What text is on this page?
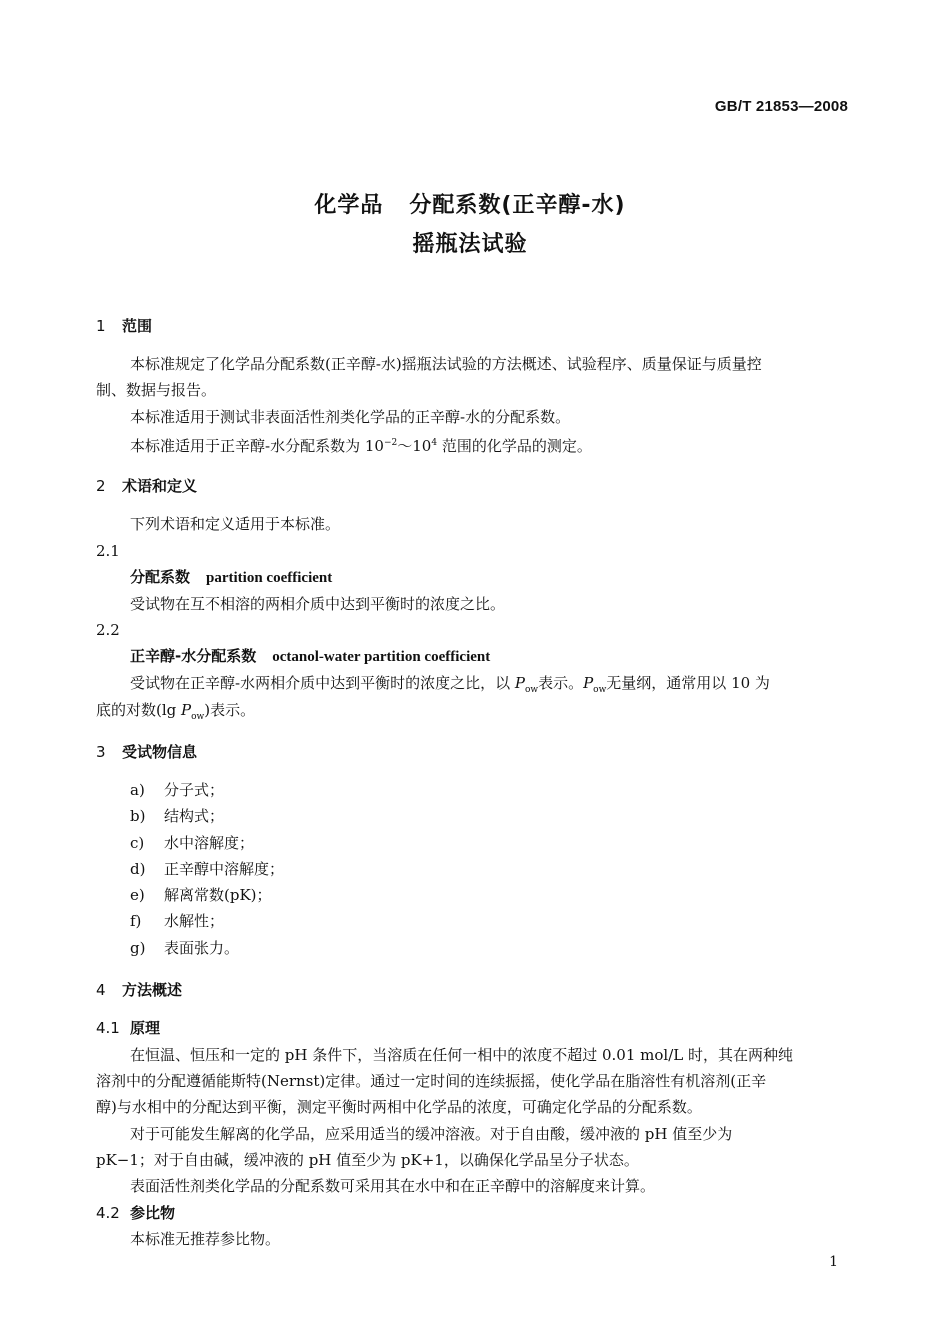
GB/T 21853—2008
化学品 分配系数(正辛醇-水)
摇瓶法试验
1 范围
本标准规定了化学品分配系数(正辛醇-水)摇瓶法试验的方法概述、试验程序、质量保证与质量控
制、数据与报告。
本标准适用于测试非表面活性剂类化学品的正辛醇-水的分配系数。
本标准适用于正辛醇-水分配系数为 $10^{-2}\sim 10^4$ 范围的化学品的测定。
2 术语和定义
下列术语和定义适用于本标准。
2.1
分配系数 partition coefficient
受试物在互不相溶的两相介质中达到平衡时的浓度之比。
2.2
正辛醇-水分配系数 octanol-water partition coefficient
受试物在正辛醇-水两相介质中达到平衡时的浓度之比，以 $P_{ow}$表示。$P_{ow}$无量纲，通常用以 10 为
底的对数(lg $P_{ow}$)表示。
3 受试物信息
a) 分子式；
b) 结构式；
c) 水中溶解度；
d) 正辛醇中溶解度；
e) 解离常数(pK)；
f) 水解性；
g) 表面张力。
4 方法概述
4.1 原理
在恒温、恒压和一定的 pH 条件下，当溶质在任何一相中的浓度不超过 0.01 mol/L 时，其在两种纯
溶剂中的分配遵循能斯特(Nernst)定律。通过一定时间的连续振摇，使化学品在脂溶性有机溶剂(正辛
醇)与水相中的分配达到平衡，测定平衡时两相中化学品的浓度，可确定化学品的分配系数。
对于可能发生解离的化学品，应采用适当的缓冲溶液。对于自由酸，缓冲液的 pH 值至少为
pK−1；对于自由碱，缓冲液的 pH 值至少为 pK+1，以确保化学品呈分子状态。
表面活性剂类化学品的分配系数可采用其在水中和在正辛醇中的溶解度来计算。
4.2 参比物
本标准无推荐参比物。
1
